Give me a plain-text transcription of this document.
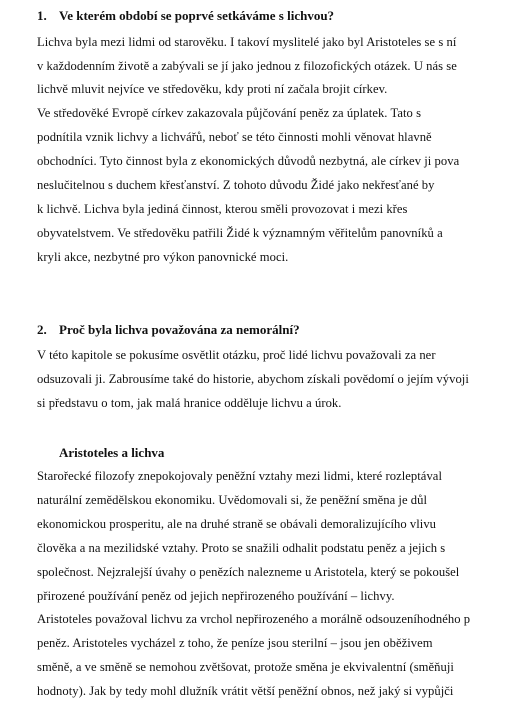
1. Ve kterém období se poprvé setkáváme s lichvou?
Lichva byla mezi lidmi od starověku. I takoví myslitelé jako byl Aristoteles se s ní
v každodenním životě a zabývali se jí jako jednou z filozofických otázek. U nás se
lichvě mluvit nejvíce ve středověku, kdy proti ní začala brojit církev.
Ve středověké Evropě církev zakazovala půjčování peněz za úplatek. Tato s
podnítila vznik lichvy a lichvářů, neboť se této činnosti mohli věnovat hlavně
obchodníci. Tyto činnost byla z ekonomických důvodů nezbytná, ale církev ji pova
neslučitelnou s duchem křesťanství. Z tohoto důvodu Židé jako nekřesťané by
k lichvě. Lichva byla jediná činnost, kterou směli provozovat i mezi křes
obyvatelstvem. Ve středověku patřili Židé k významným věřitelům panovníků a
kryli akce, nezbytné pro výkon panovnické moci.
2. Proč byla lichva považována za nemorální?
V této kapitole se pokusíme osvětlit otázku, proč lidé lichvu považovali za ner
odsuzovali ji. Zabrousíme také do historie, abychom získali povědomí o jejím vývoji
si představu o tom, jak malá hranice odděluje lichvu a úrok.
Aristoteles a lichva
Starořecké filozofy znepokojovaly peněžní vztahy mezi lidmi, které rozleptával
naturální zemědělskou ekonomiku. Uvědomovali si, že peněžní směna je důl
ekonomickou prosperitu, ale na druhé straně se obávali demoralizujícího vlivu
člověka a na mezilidské vztahy. Proto se snažili odhalit podstatu peněz a jejich s
společnost. Nejzralejší úvahy o penězích nalezneme u Aristotela, který se pokoušel
přirozené používání peněz od jejich nepřirozeného používání – lichvy.
Aristoteles považoval lichvu za vrchol nepřirozeného a morálně odsouzeníhodného p
peněz. Aristoteles vycházel z toho, že peníze jsou sterilní – jsou jen oběživem
směně, a ve směně se nemohou zvětšovat, protože směna je ekvivalentní (směňuji
hodnoty). Jak by tedy mohl dlužník vrátit větší peněžní obnos, než jaký si vypůjči
